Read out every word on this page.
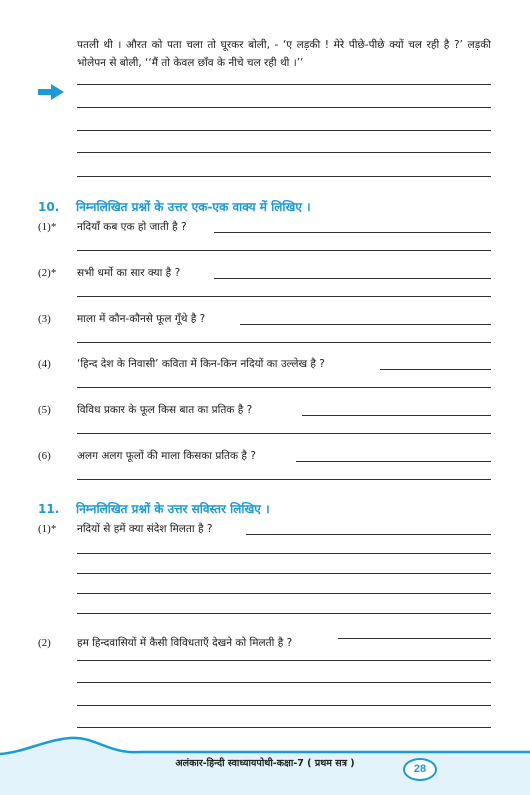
पतली थी । औरत को पता चला तो घूरकर बोली, - ‘ए लड़की ! मेरे पीछे-पीछे क्यों चल रही है ?’ लड़की भोलेपन से बोली, ‘‘मैं तो केवल छाँव के नीचे चल रही थी ।’’
10. निम्नलिखित प्रश्नों के उत्तर एक-एक वाक्य में लिखिए ।
(1)* नदियाँ कब एक हो जाती है ?
(2)* सभी धर्मो का सार क्या है ?
(3) माला में कौन-कौनसे फूल गूँथे है ?
(4) ‘हिन्द देश के निवासी’ कविता में किन-किन नदियों का उल्लेख है ?
(5) विविध प्रकार के फूल किस बात का प्रतिक है ?
(6) अलग अलग फूलों की माला किसका प्रतिक है ?
11. निम्नलिखित प्रश्नों के उत्तर सविस्तर लिखिए ।
(1)* नदियों से हमें क्या संदेश मिलता है ?
(2) हम हिन्दवासियों में कैसी विविधताएँ देखने को मिलती है ?
अलंकार-हिन्दी स्वाध्यायपोथी-कक्षा-7 ( प्रथम सत्र )	28
